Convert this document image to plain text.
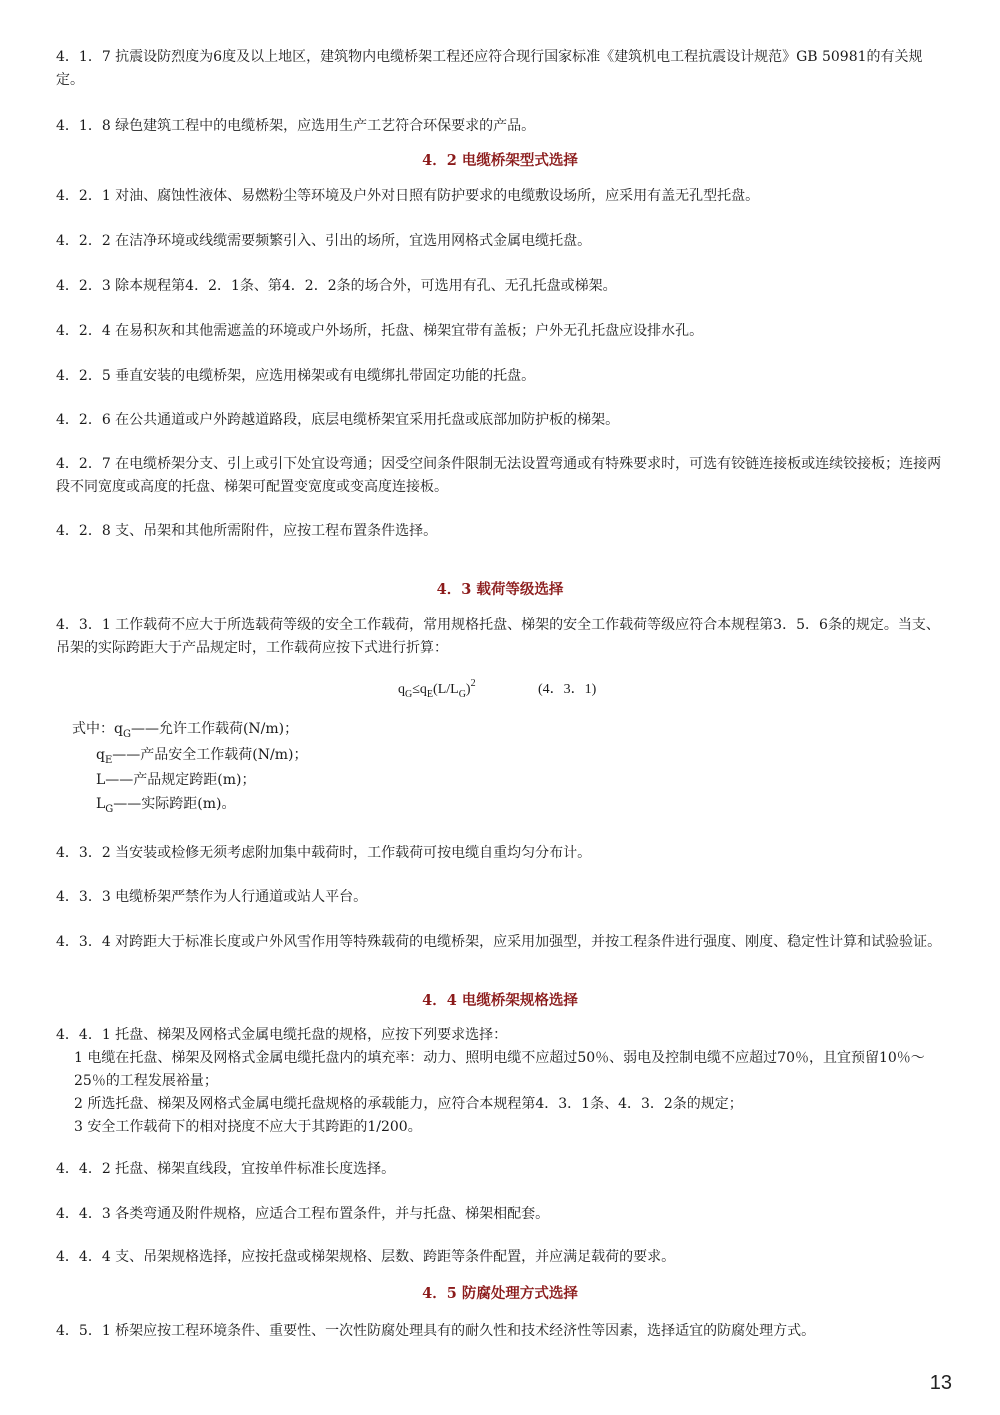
4．1．7 抗震设防烈度为6度及以上地区，建筑物内电缆桥架工程还应符合现行国家标准《建筑机电工程抗震设计规范》GB 50981的有关规定。

4．1．8 绿色建筑工程中的电缆桥架，应选用生产工艺符合环保要求的产品。

4．2 电缆桥架型式选择

4．2．1 对油、腐蚀性液体、易燃粉尘等环境及户外对日照有防护要求的电缆敷设场所，应采用有盖无孔型托盘。

4．2．2 在洁净环境或线缆需要频繁引入、引出的场所，宜选用网格式金属电缆托盘。

4．2．3 除本规程第4．2．1条、第4．2．2条的场合外，可选用有孔、无孔托盘或梯架。

4．2．4 在易积灰和其他需遮盖的环境或户外场所，托盘、梯架宜带有盖板；户外无孔托盘应设排水孔。

4．2．5 垂直安装的电缆桥架，应选用梯架或有电缆绑扎带固定功能的托盘。

4．2．6 在公共通道或户外跨越道路段，底层电缆桥架宜采用托盘或底部加防护板的梯架。

4．2．7 在电缆桥架分支、引上或引下处宜设弯通；因受空间条件限制无法设置弯通或有特殊要求时，可选有铰链连接板或连续铰接板；连接两段不同宽度或高度的托盘、梯架可配置变宽度或变高度连接板。

4．2．8 支、吊架和其他所需附件，应按工程布置条件选择。

4．3 载荷等级选择

4．3．1 工作载荷不应大于所选载荷等级的安全工作载荷，常用规格托盘、梯架的安全工作载荷等级应符合本规程第3．5．6条的规定。当支、吊架的实际跨距大于产品规定时，工作载荷应按下式进行折算：

$q_G\le q_E(L/L_G)^2$	(4．3．1)
式中：$q_G——$允许工作载荷(N/m)；
$q_E——$产品安全工作载荷(N/m)；
L——产品规定跨距(m)；
$L_G——$实际跨距(m)。

4．3．2 当安装或检修无须考虑附加集中载荷时，工作载荷可按电缆自重均匀分布计。

4．3．3 电缆桥架严禁作为人行通道或站人平台。

4．3．4 对跨距大于标准长度或户外风雪作用等特殊载荷的电缆桥架，应采用加强型，并按工程条件进行强度、刚度、稳定性计算和试验验证。

4．4 电缆桥架规格选择

4．4．1 托盘、梯架及网格式金属电缆托盘的规格，应按下列要求选择：

1 电缆在托盘、梯架及网格式金属电缆托盘内的填充率：动力、照明电缆不应超过50％、弱电及控制电缆不应超过70％，且宜预留10％～25％的工程发展裕量；

2 所选托盘、梯架及网格式金属电缆托盘规格的承载能力，应符合本规程第4．3．1条、4．3．2条的规定；

3 安全工作载荷下的相对挠度不应大于其跨距的1/200。

4．4．2 托盘、梯架直线段，宜按单件标准长度选择。

4．4．3 各类弯通及附件规格，应适合工程布置条件，并与托盘、梯架相配套。

4．4．4 支、吊架规格选择，应按托盘或梯架规格、层数、跨距等条件配置，并应满足载荷的要求。

4．5 防腐处理方式选择

4．5．1 桥架应按工程环境条件、重要性、一次性防腐处理具有的耐久性和技术经济性等因素，选择适宜的防腐处理方式。

13
